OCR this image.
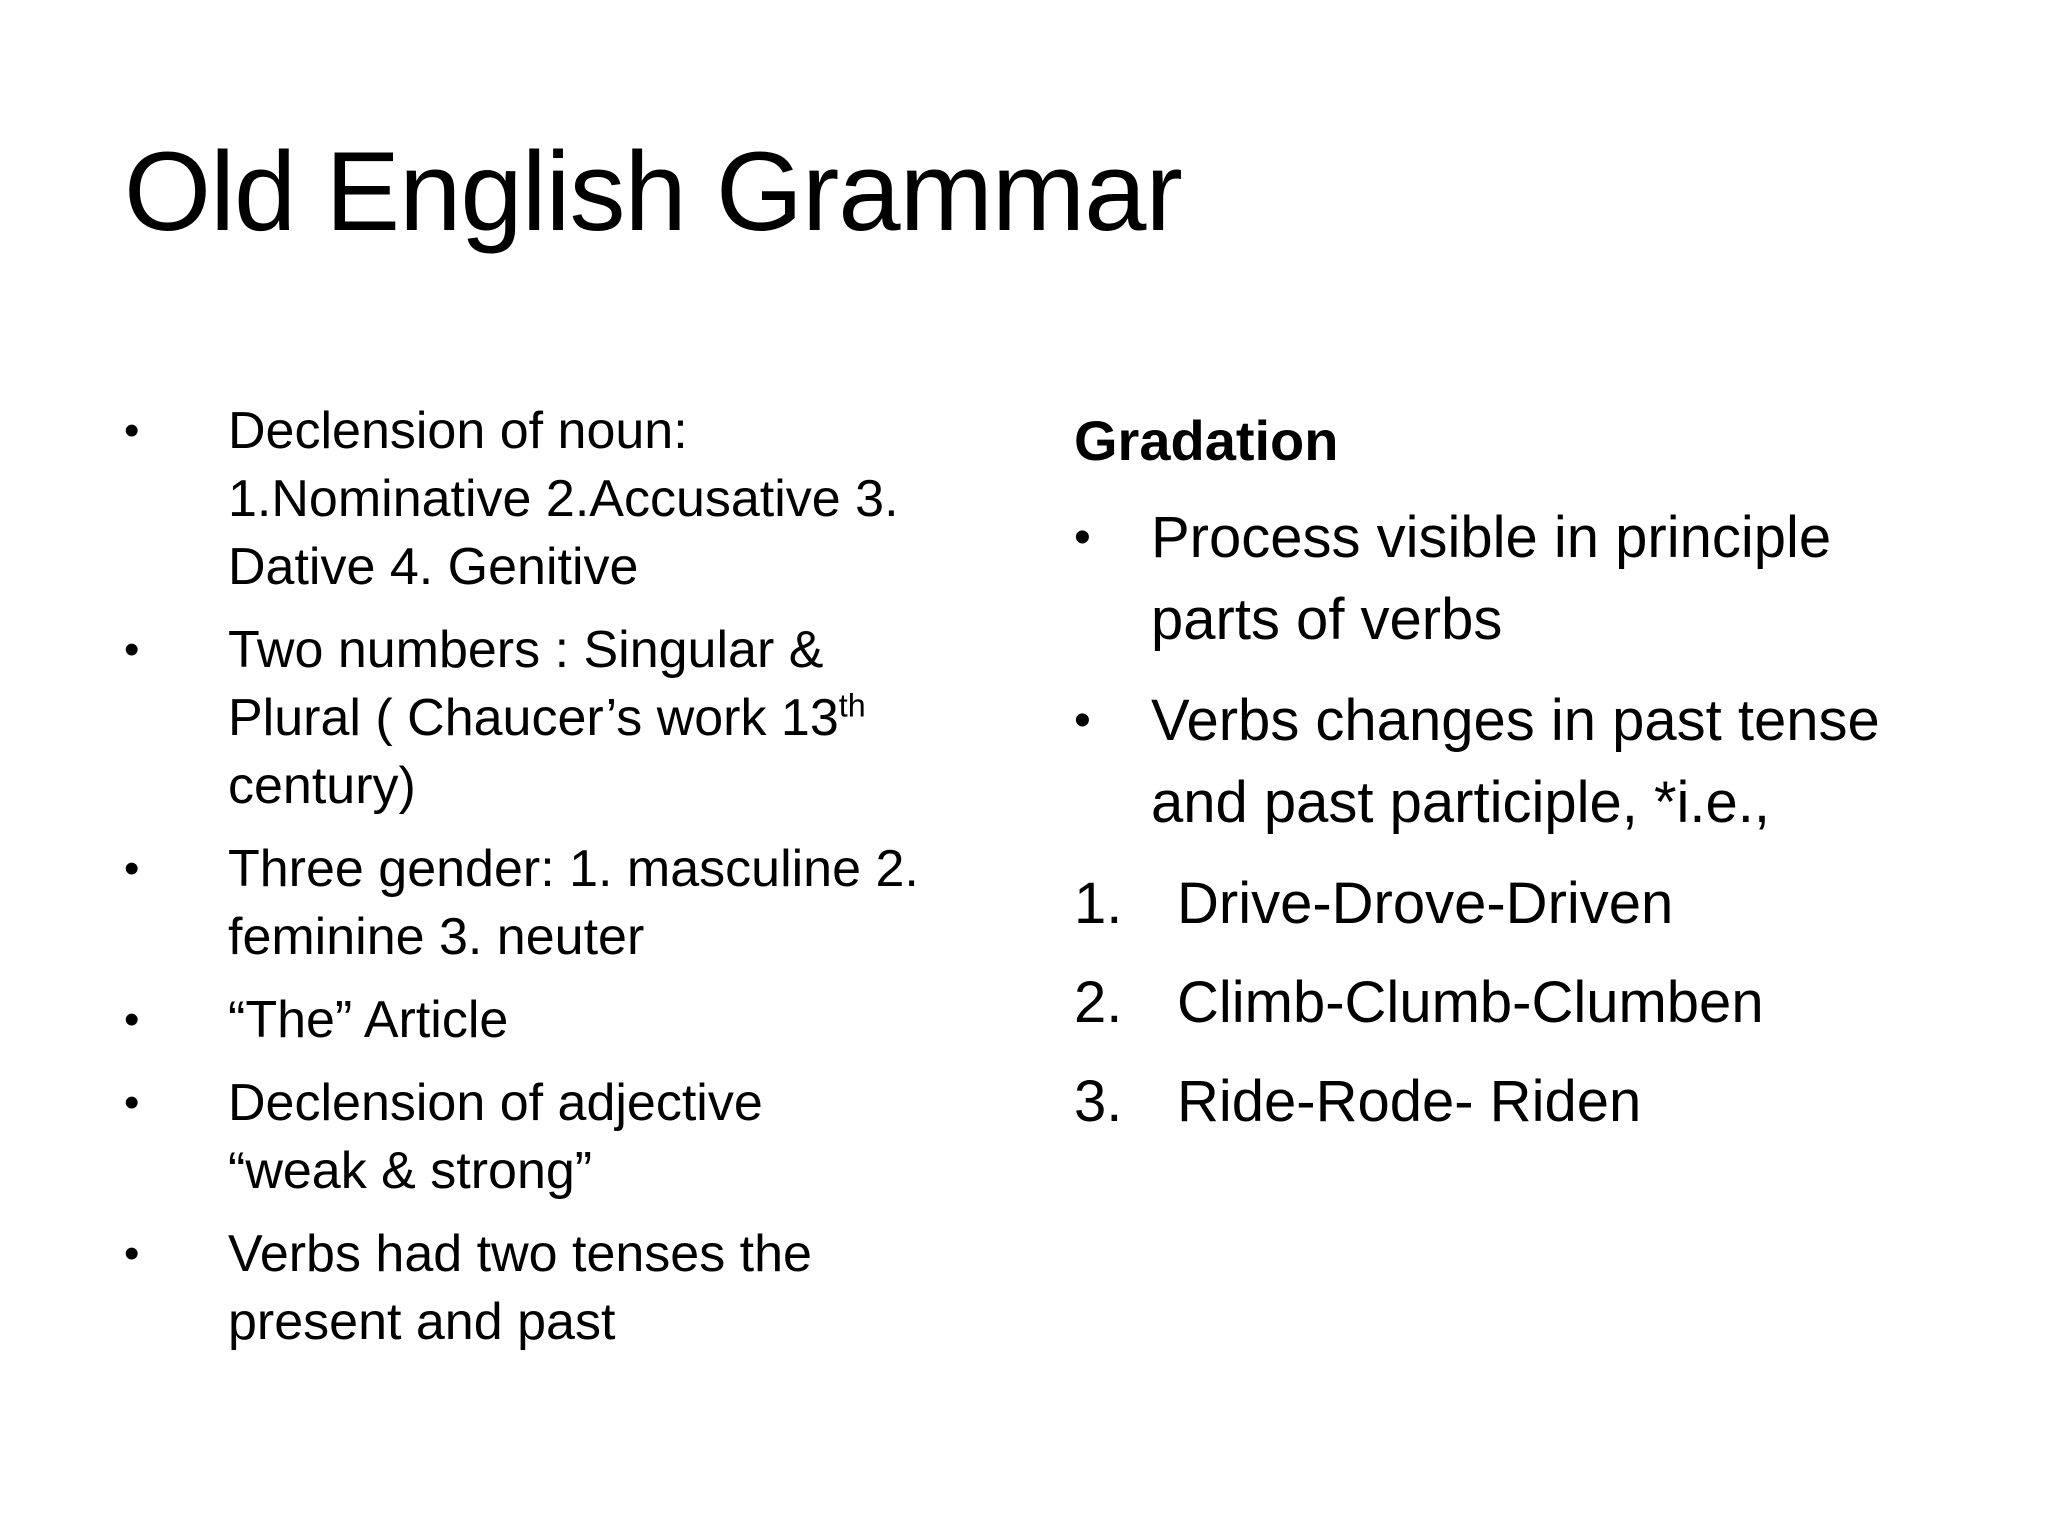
Old English Grammar
•	Declension of noun:
1.Nominative 2.Accusative 3.
Dative 4. Genitive
•	Two numbers : Singular &
Plural ( Chaucer’s work 13th
century)
•	Three gender: 1. masculine 2.
feminine 3. neuter
•	“The” Article
•	Declension of adjective
“weak & strong”
•	Verbs had two tenses the
present and past
Gradation
•	Process visible in principle
parts of verbs
•	Verbs changes in past tense
and past participle, *i.e.,
1. Drive-Drove-Driven
2. Climb-Clumb-Clumben
3. Ride-Rode- Riden
